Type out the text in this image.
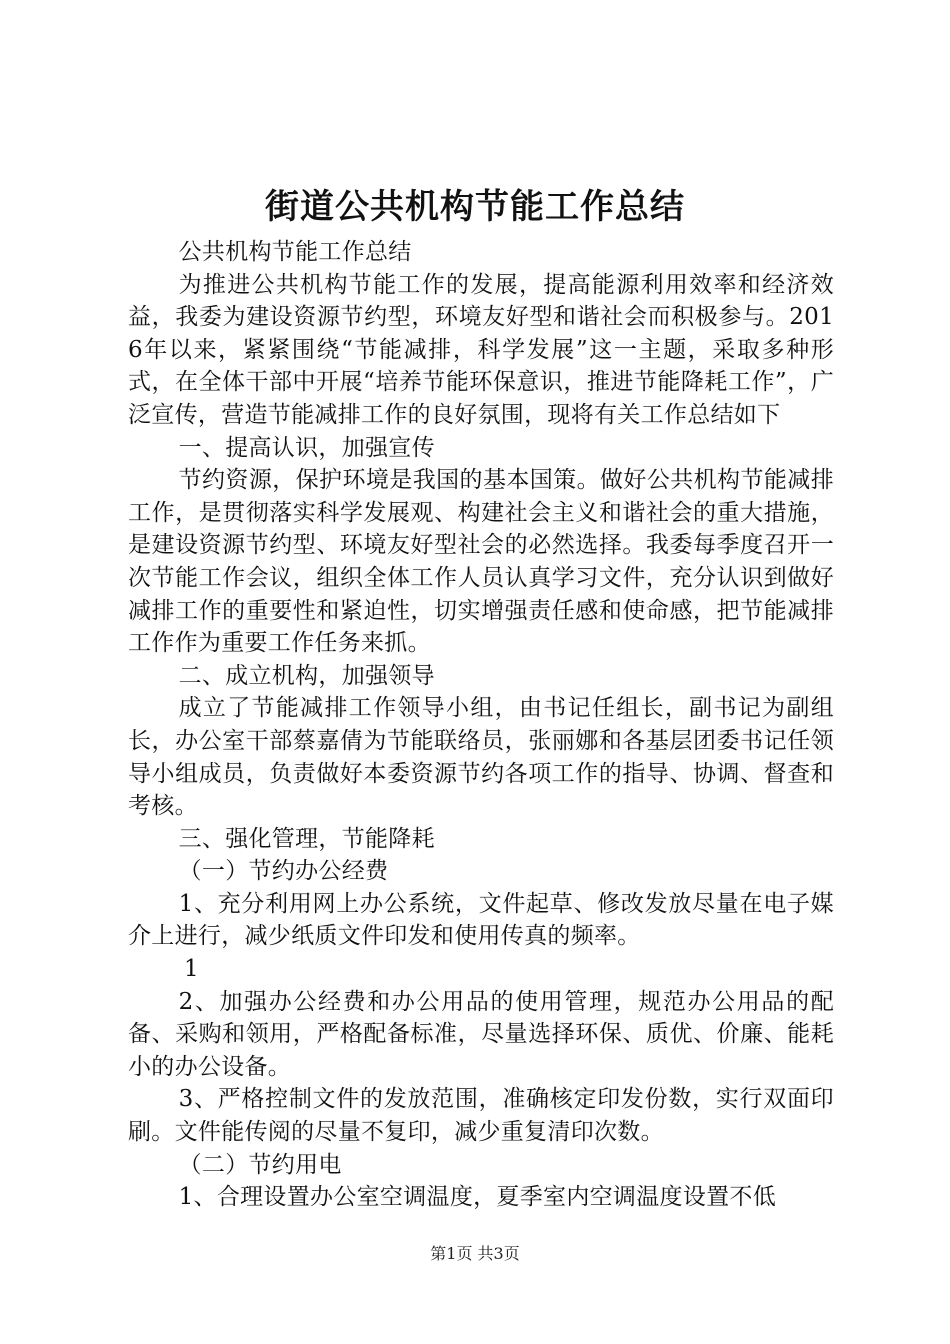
街道公共机构节能工作总结

公共机构节能工作总结

为推进公共机构节能工作的发展，提高能源利用效率和经济效益，我委为建设资源节约型，环境友好型和谐社会而积极参与。2016年以来，紧紧围绕“节能减排，科学发展”这一主题，采取多种形式，在全体干部中开展“培养节能环保意识，推进节能降耗工作”，广泛宣传，营造节能减排工作的良好氛围，现将有关工作总结如下

一、提高认识，加强宣传

节约资源，保护环境是我国的基本国策。做好公共机构节能减排工作，是贯彻落实科学发展观、构建社会主义和谐社会的重大措施，是建设资源节约型、环境友好型社会的必然选择。我委每季度召开一次节能工作会议，组织全体工作人员认真学习文件，充分认识到做好减排工作的重要性和紧迫性，切实增强责任感和使命感，把节能减排工作作为重要工作任务来抓。

二、成立机构，加强领导

成立了节能减排工作领导小组，由书记任组长，副书记为副组长，办公室干部蔡嘉倩为节能联络员，张丽娜和各基层团委书记任领导小组成员，负责做好本委资源节约各项工作的指导、协调、督查和考核。

三、强化管理，节能降耗

（一）节约办公经费

1、充分利用网上办公系统，文件起草、修改发放尽量在电子媒介上进行，减少纸质文件印发和使用传真的频率。

1

2、加强办公经费和办公用品的使用管理，规范办公用品的配备、采购和领用，严格配备标准，尽量选择环保、质优、价廉、能耗小的办公设备。

3、严格控制文件的发放范围，准确核定印发份数，实行双面印刷。文件能传阅的尽量不复印，减少重复清印次数。

（二）节约用电

1、合理设置办公室空调温度，夏季室内空调温度设置不低

第1页 共3页
